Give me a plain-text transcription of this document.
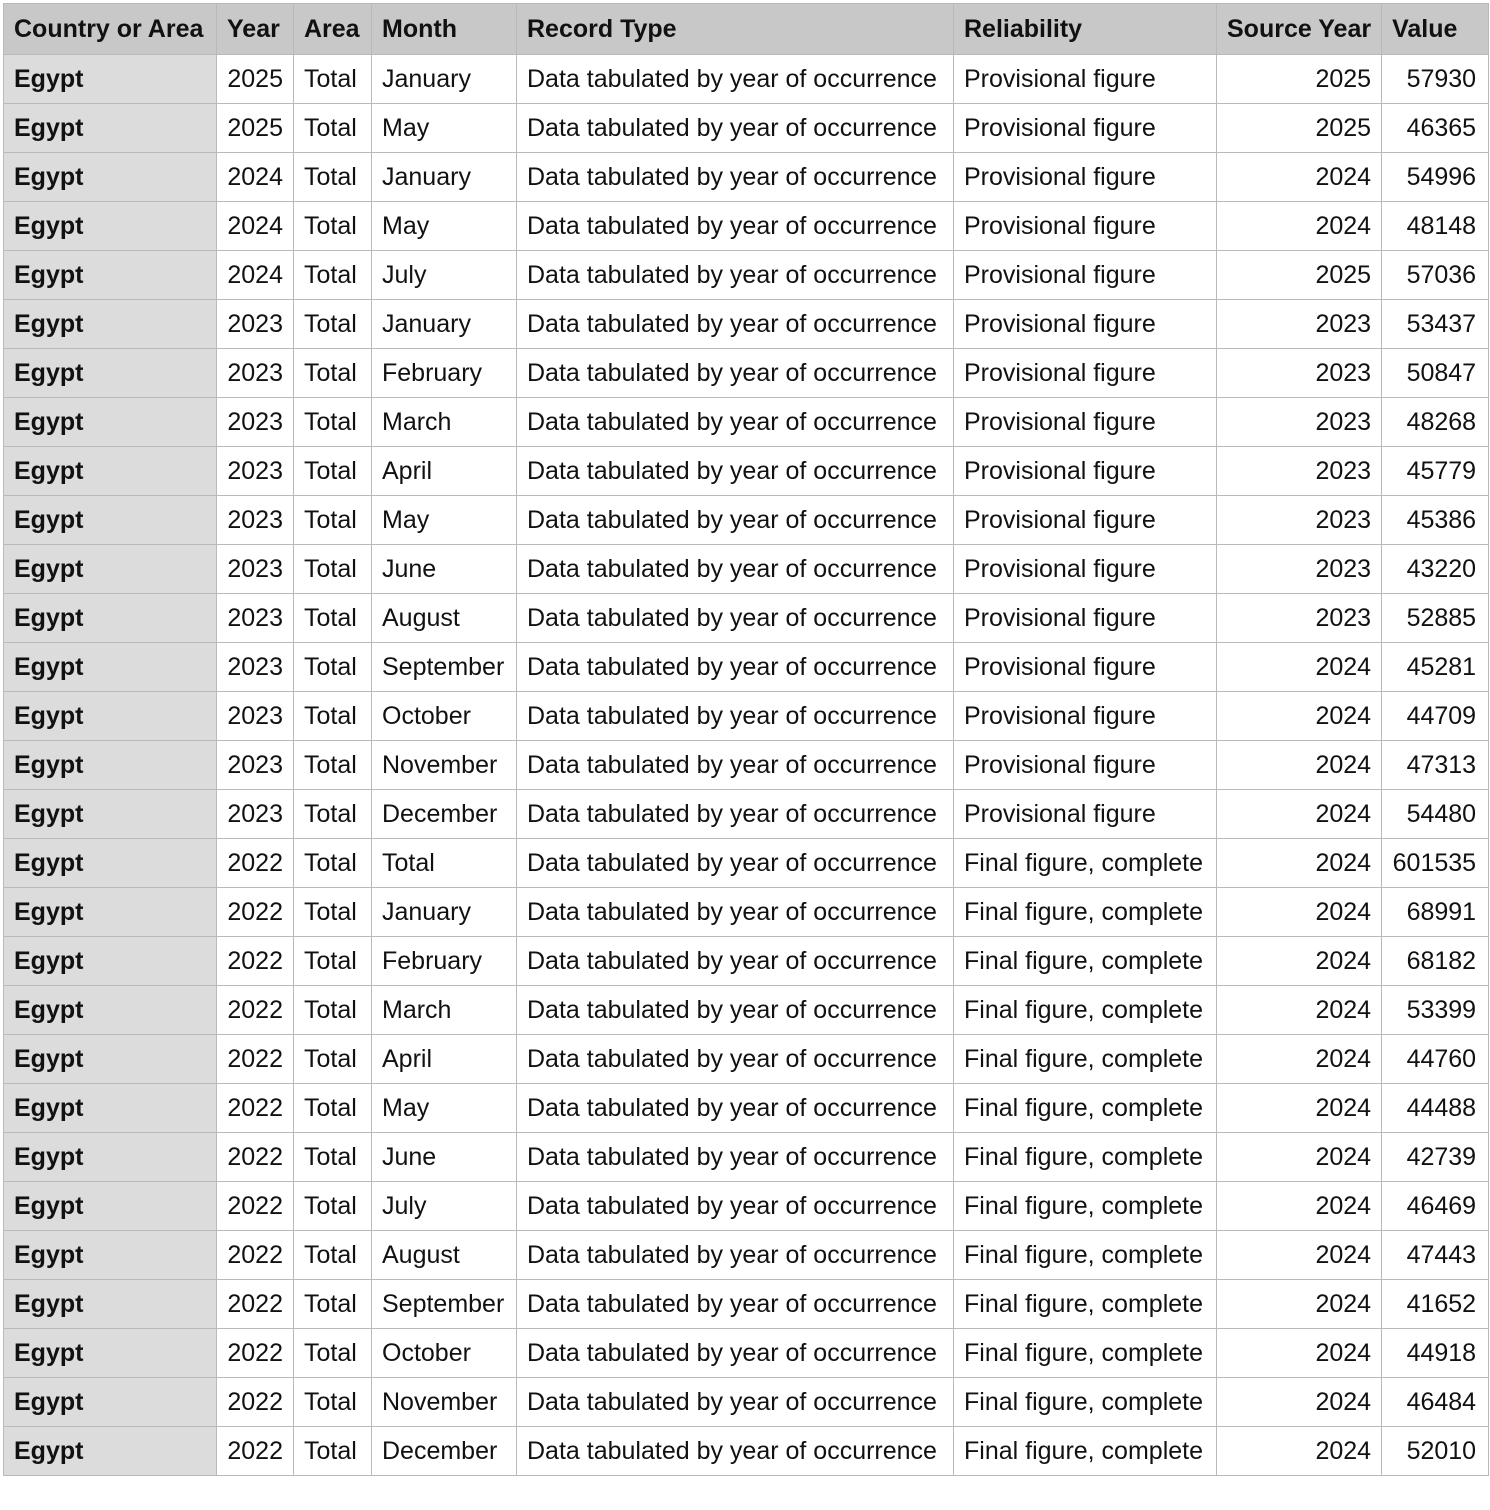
Country or Area	Year	Area	Month	Record Type	Reliability	Source Year	Value
Egypt	2025	Total	January	Data tabulated by year of occurrence	Provisional figure	2025	57930
Egypt	2025	Total	May	Data tabulated by year of occurrence	Provisional figure	2025	46365
Egypt	2024	Total	January	Data tabulated by year of occurrence	Provisional figure	2024	54996
Egypt	2024	Total	May	Data tabulated by year of occurrence	Provisional figure	2024	48148
Egypt	2024	Total	July	Data tabulated by year of occurrence	Provisional figure	2025	57036
Egypt	2023	Total	January	Data tabulated by year of occurrence	Provisional figure	2023	53437
Egypt	2023	Total	February	Data tabulated by year of occurrence	Provisional figure	2023	50847
Egypt	2023	Total	March	Data tabulated by year of occurrence	Provisional figure	2023	48268
Egypt	2023	Total	April	Data tabulated by year of occurrence	Provisional figure	2023	45779
Egypt	2023	Total	May	Data tabulated by year of occurrence	Provisional figure	2023	45386
Egypt	2023	Total	June	Data tabulated by year of occurrence	Provisional figure	2023	43220
Egypt	2023	Total	August	Data tabulated by year of occurrence	Provisional figure	2023	52885
Egypt	2023	Total	September	Data tabulated by year of occurrence	Provisional figure	2024	45281
Egypt	2023	Total	October	Data tabulated by year of occurrence	Provisional figure	2024	44709
Egypt	2023	Total	November	Data tabulated by year of occurrence	Provisional figure	2024	47313
Egypt	2023	Total	December	Data tabulated by year of occurrence	Provisional figure	2024	54480
Egypt	2022	Total	Total	Data tabulated by year of occurrence	Final figure, complete	2024	601535
Egypt	2022	Total	January	Data tabulated by year of occurrence	Final figure, complete	2024	68991
Egypt	2022	Total	February	Data tabulated by year of occurrence	Final figure, complete	2024	68182
Egypt	2022	Total	March	Data tabulated by year of occurrence	Final figure, complete	2024	53399
Egypt	2022	Total	April	Data tabulated by year of occurrence	Final figure, complete	2024	44760
Egypt	2022	Total	May	Data tabulated by year of occurrence	Final figure, complete	2024	44488
Egypt	2022	Total	June	Data tabulated by year of occurrence	Final figure, complete	2024	42739
Egypt	2022	Total	July	Data tabulated by year of occurrence	Final figure, complete	2024	46469
Egypt	2022	Total	August	Data tabulated by year of occurrence	Final figure, complete	2024	47443
Egypt	2022	Total	September	Data tabulated by year of occurrence	Final figure, complete	2024	41652
Egypt	2022	Total	October	Data tabulated by year of occurrence	Final figure, complete	2024	44918
Egypt	2022	Total	November	Data tabulated by year of occurrence	Final figure, complete	2024	46484
Egypt	2022	Total	December	Data tabulated by year of occurrence	Final figure, complete	2024	52010
